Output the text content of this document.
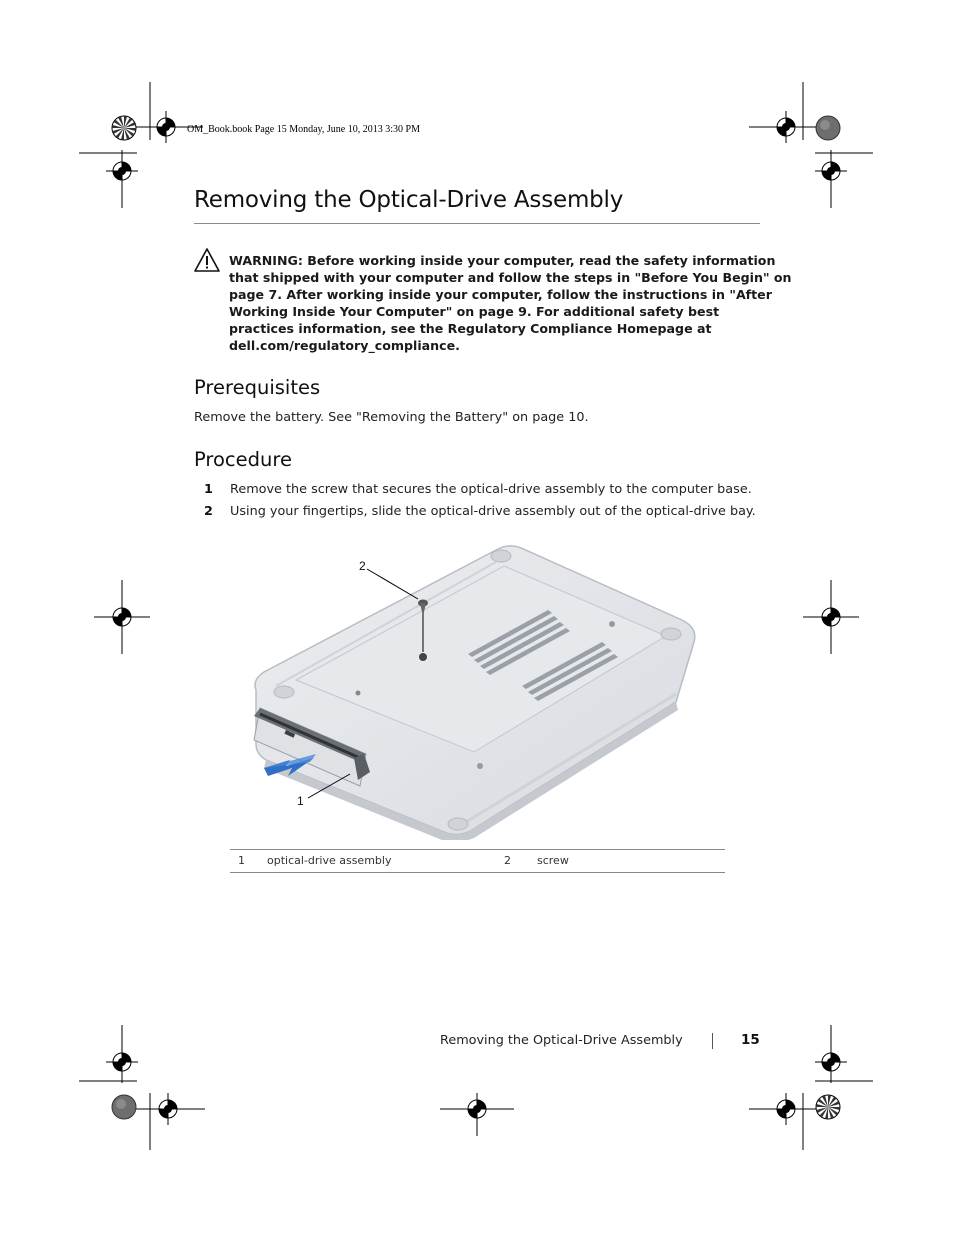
OM_Book.book Page 15 Monday, June 10, 2013 3:30 PM
Removing the Optical-Drive Assembly
WARNING: Before working inside your computer, read the safety information
that shipped with your computer and follow the steps in "Before You Begin" on
page 7. After working inside your computer, follow the instructions in "After
Working Inside Your Computer" on page 9. For additional safety best
practices information, see the Regulatory Compliance Homepage at
dell.com/regulatory_compliance.
Prerequisites

Remove the battery. See "Removing the Battery" on page 10.

Procedure
1 Remove the screw that secures the optical-drive assembly to the computer base.
2 Using your fingertips, slide the optical-drive assembly out of the optical-drive bay.
2
1
1 optical-drive assembly	2 screw
Removing the Optical-Drive Assembly	15
